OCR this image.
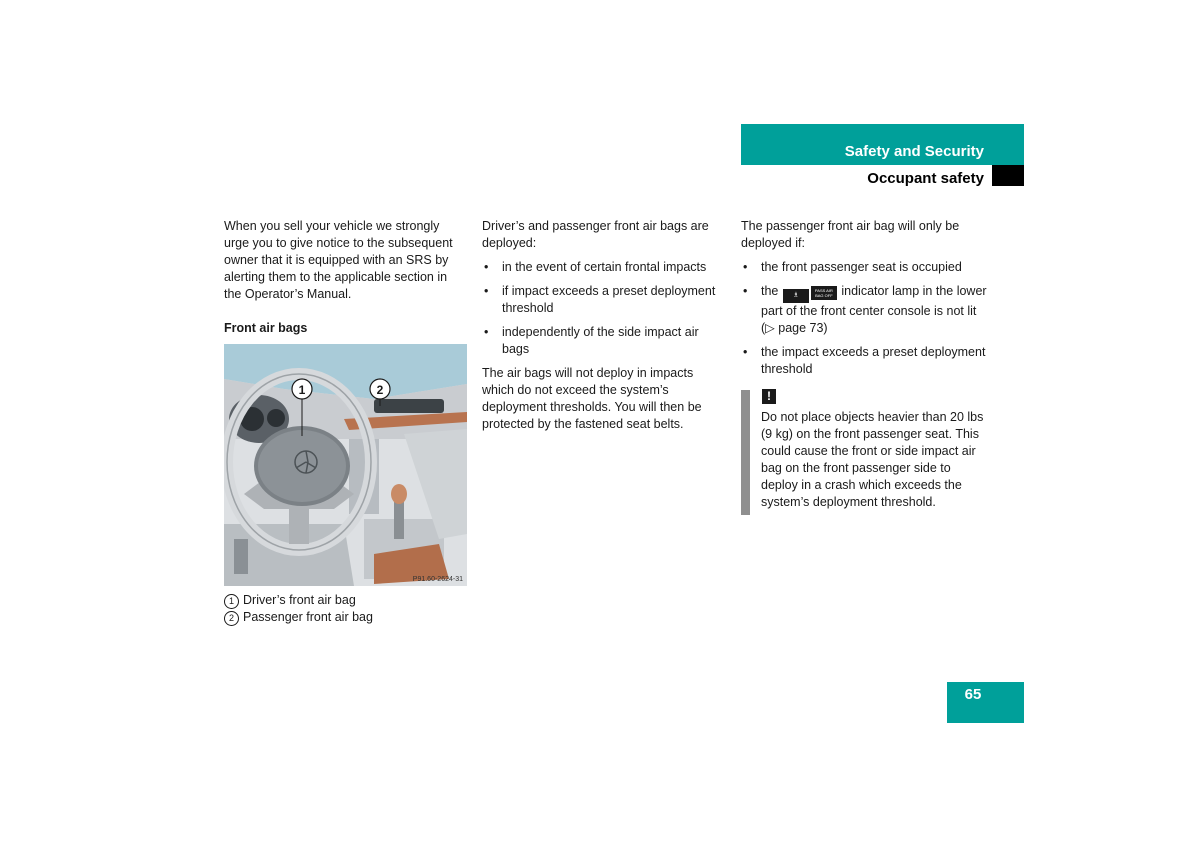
Safety and Security
Occupant safety

When you sell your vehicle we strongly urge you to give notice to the subsequent owner that it is equipped with an SRS by alerting them to the applicable section in the Operator’s Manual.

Front air bags

1	2
P91.60-2624-31
1 Driver’s front air bag
2 Passenger front air bag

Driver’s and passenger front air bags are deployed:

• in the event of certain frontal impacts
• if impact exceeds a preset deployment threshold
• independently of the side impact air bags

The air bags will not deploy in impacts which do not exceed the system’s deployment thresholds. You will then be protected by the fastened seat belts.

The passenger front air bag will only be deployed if:

• the front passenger seat is occupied
• the ♗PASS AIR BAG OFF indicator lamp in the lower part of the front center console is not lit (▷ page 73)
• the impact exceeds a preset deployment threshold
!
Do not place objects heavier than 20 lbs (9 kg) on the front passenger seat. This could cause the front or side impact air bag on the front passenger side to deploy in a crash which exceeds the system’s deployment threshold.
65
